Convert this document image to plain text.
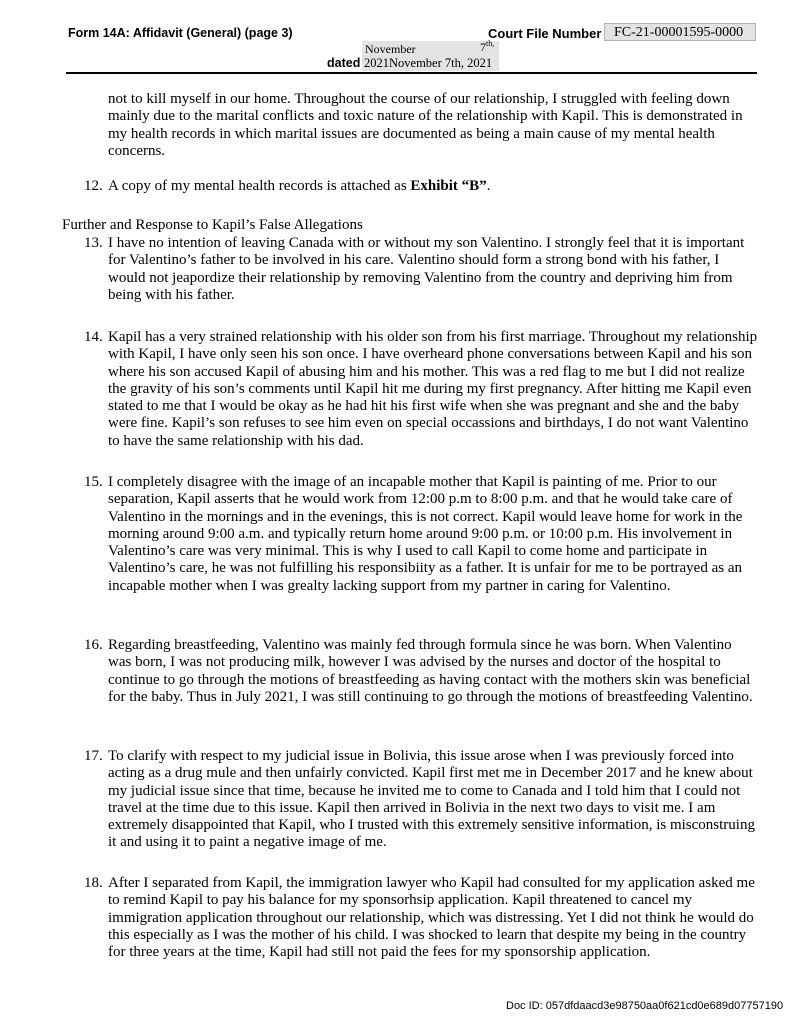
Form 14A: Affidavit (General) (page 3)	Court File Number FC-21-00001595-0000
November	$7^{th,}$
dated 2021November 7th, 2021

not to kill myself in our home. Throughout the course of our relationship, I struggled with feeling down mainly due to the marital conflicts and toxic nature of the relationship with Kapil. This is demonstrated in my health records in which marital issues are documented as being a main cause of my mental health concerns.

12. A copy of my mental health records is attached as Exhibit “B”.

Further and Response to Kapil’s False Allegations

13. I have no intention of leaving Canada with or without my son Valentino. I strongly feel that it is important for Valentino’s father to be involved in his care. Valentino should form a strong bond with his father, I would not jeapordize their relationship by removing Valentino from the country and depriving him from being with his father.
14. Kapil has a very strained relationship with his older son from his first marriage. Throughout my relationship with Kapil, I have only seen his son once. I have overheard phone conversations between Kapil and his son where his son accused Kapil of abusing him and his mother. This was a red flag to me but I did not realize the gravity of his son’s comments until Kapil hit me during my first pregnancy. After hitting me Kapil even stated to me that I would be okay as he had hit his first wife when she was pregnant and she and the baby were fine. Kapil’s son refuses to see him even on special occassions and birthdays, I do not want Valentino to have the same relationship with his dad.
15. I completely disagree with the image of an incapable mother that Kapil is painting of me. Prior to our separation, Kapil asserts that he would work from 12:00 p.m to 8:00 p.m. and that he would take care of Valentino in the mornings and in the evenings, this is not correct. Kapil would leave home for work in the morning around 9:00 a.m. and typically return home around 9:00 p.m. or 10:00 p.m. His involvement in Valentino’s care was very minimal. This is why I used to call Kapil to come home and participate in Valentino’s care, he was not fulfilling his responsibiity as a father. It is unfair for me to be portrayed as an incapable mother when I was grealty lacking support from my partner in caring for Valentino.
16. Regarding breastfeeding, Valentino was mainly fed through formula since he was born. When Valentino was born, I was not producing milk, however I was advised by the nurses and doctor of the hospital to continue to go through the motions of breastfeeding as having contact with the mothers skin was beneficial for the baby. Thus in July 2021, I was still continuing to go through the motions of breastfeeding Valentino.
17. To clarify with respect to my judicial issue in Bolivia, this issue arose when I was previously forced into acting as a drug mule and then unfairly convicted. Kapil first met me in December 2017 and he knew about my judicial issue since that time, because he invited me to come to Canada and I told him that I could not travel at the time due to this issue. Kapil then arrived in Bolivia in the next two days to visit me. I am extremely disappointed that Kapil, who I trusted with this extremely sensitive information, is misconstruing it and using it to paint a negative image of me.
18. After I separated from Kapil, the immigration lawyer who Kapil had consulted for my application asked me to remind Kapil to pay his balance for my sponsorhsip application. Kapil threatened to cancel my immigration application throughout our relationship, which was distressing. Yet I did not think he would do this especially as I was the mother of his child. I was shocked to learn that despite my being in the country for three years at the time, Kapil had still not paid the fees for my sponsorship application.
Doc ID: 057dfdaacd3e98750aa0f621cd0e689d07757190
